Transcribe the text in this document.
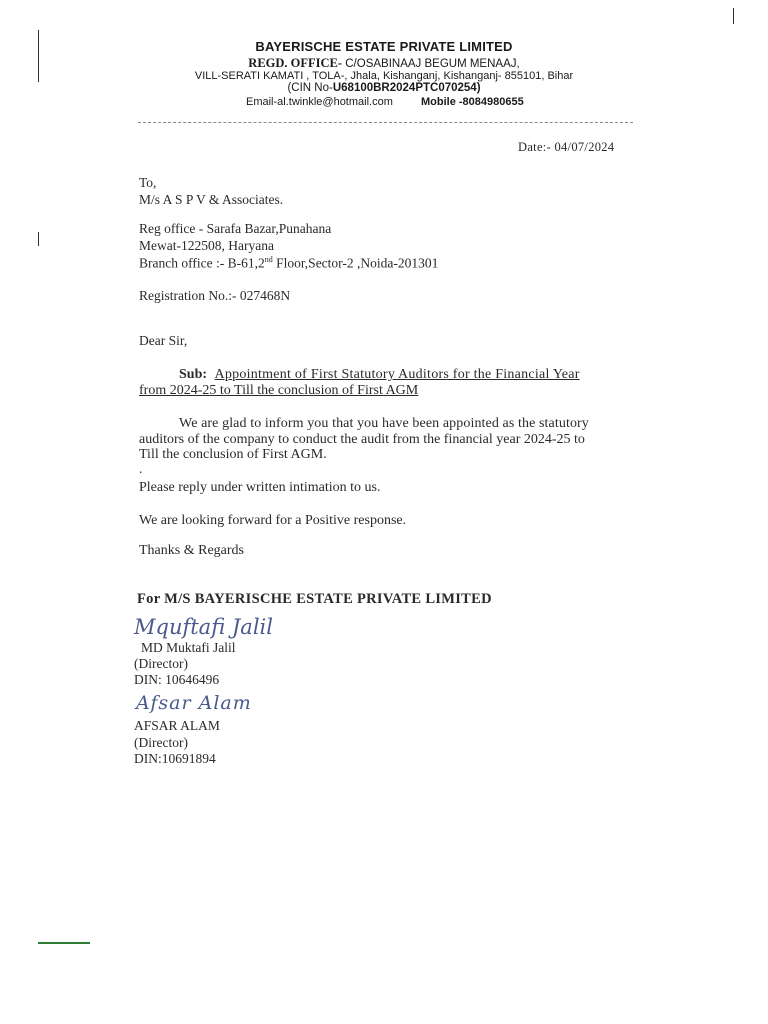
BAYERISCHE ESTATE PRIVATE LIMITED
REGD. OFFICE- C/OSABINAAJ BEGUM MENAAJ,
VILL-SERATI KAMATI , TOLA-, Jhala, Kishanganj, Kishanganj- 855101, Bihar
(CIN No-U68100BR2024PTC070254)
Email-al.twinkle@hotmail.com	Mobile -8084980655
Date:- 04/07/2024
To,
M/s A S P V & Associates.
Reg office - Sarafa Bazar,Punahana
Mewat-122508, Haryana
Branch office :- B-61,2nd Floor,Sector-2 ,Noida-201301
Registration No.:- 027468N
Dear Sir,
Sub: Appointment of First Statutory Auditors for the Financial Year
from 2024-25 to Till the conclusion of First AGM
We are glad to inform you that you have been appointed as the statutory
auditors of the company to conduct the audit from the financial year 2024-25 to
Till the conclusion of First AGM.
.
Please reply under written intimation to us.
We are looking forward for a Positive response.
Thanks & Regards
For M/S BAYERISCHE ESTATE PRIVATE LIMITED
Mquftafi Jalil
MD Muktafi Jalil
(Director)
DIN: 10646496
Afsar Alam
AFSAR ALAM
(Director)
DIN:10691894
